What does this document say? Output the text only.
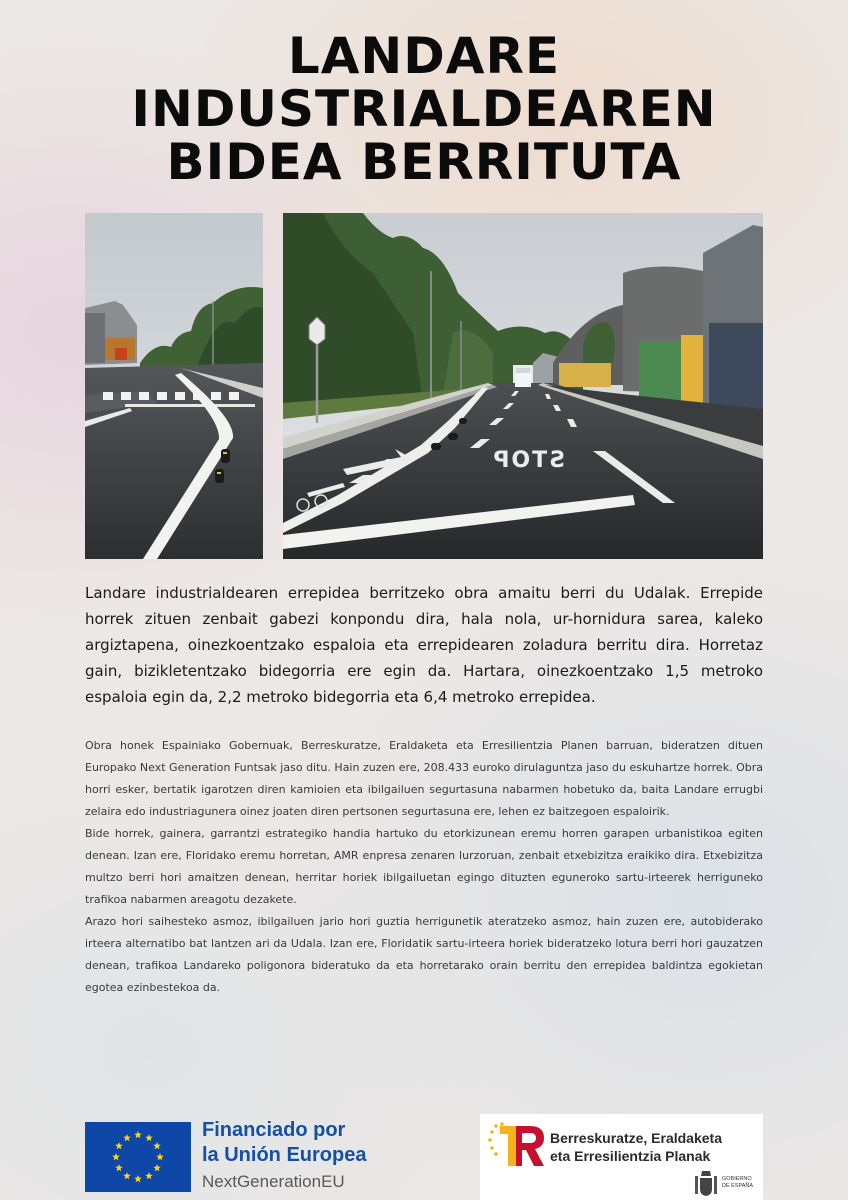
LANDARE
INDUSTRIALDEAREN
BIDEA BERRITUTA
STOP

Landare industrialdearen errepidea berritzeko obra amaitu berri du Udalak. Errepide horrek zituen zenbait gabezi konpondu dira, hala nola, ur-hornidura sarea, kaleko argiztapena, oinezkoentzako espaloia eta errepidearen zoladura berritu dira. Horretaz gain, bizikletentzako bidegorria ere egin da. Hartara, oinezkoentzako 1,5 metroko espaloia egin da, 2,2 metroko bidegorria eta 6,4 metroko errepidea.

Obra honek Espainiako Gobernuak, Berreskuratze, Eraldaketa eta Erresilientzia Planen barruan, bideratzen dituen Europako Next Generation Funtsak jaso ditu. Hain zuzen ere, 208.433 euroko dirulaguntza jaso du eskuhartze horrek. Obra horri esker, bertatik igarotzen diren kamioien eta ibilgailuen segurtasuna nabarmen hobetuko da, baita Landare errugbi zelaira edo industriagunera oinez joaten diren pertsonen segurtasuna ere, lehen ez baitzegoen espaloirik.

Bide horrek, gainera, garrantzi estrategiko handia hartuko du etorkizunean eremu horren garapen urbanistikoa egiten denean. Izan ere, Floridako eremu horretan, AMR enpresa zenaren lurzoruan, zenbait etxebizitza eraikiko dira. Etxebizitza multzo berri hori amaitzen denean, herritar horiek ibilgailuetan egingo dituzten eguneroko sartu-irteerek herriguneko trafikoa nabarmen areagotu dezakete.

Arazo hori saihesteko asmoz, ibilgailuen jario hori guztia herrigunetik ateratzeko asmoz, hain zuzen ere, autobiderako irteera alternatibo bat lantzen ari da Udala. Izan ere, Floridatik sartu-irteera horiek bideratzeko lotura berri hori gauzatzen denean, trafikoa Landareko poligonora bideratuko da eta horretarako orain berritu den errepidea baldintza egokietan egotea ezinbestekoa da.

Financiado por
la Unión Europea
NextGenerationEU
Berreskuratze, Eraldaketa
eta Erresilientzia Planak
GOBIERNO
DE ESPAÑA
